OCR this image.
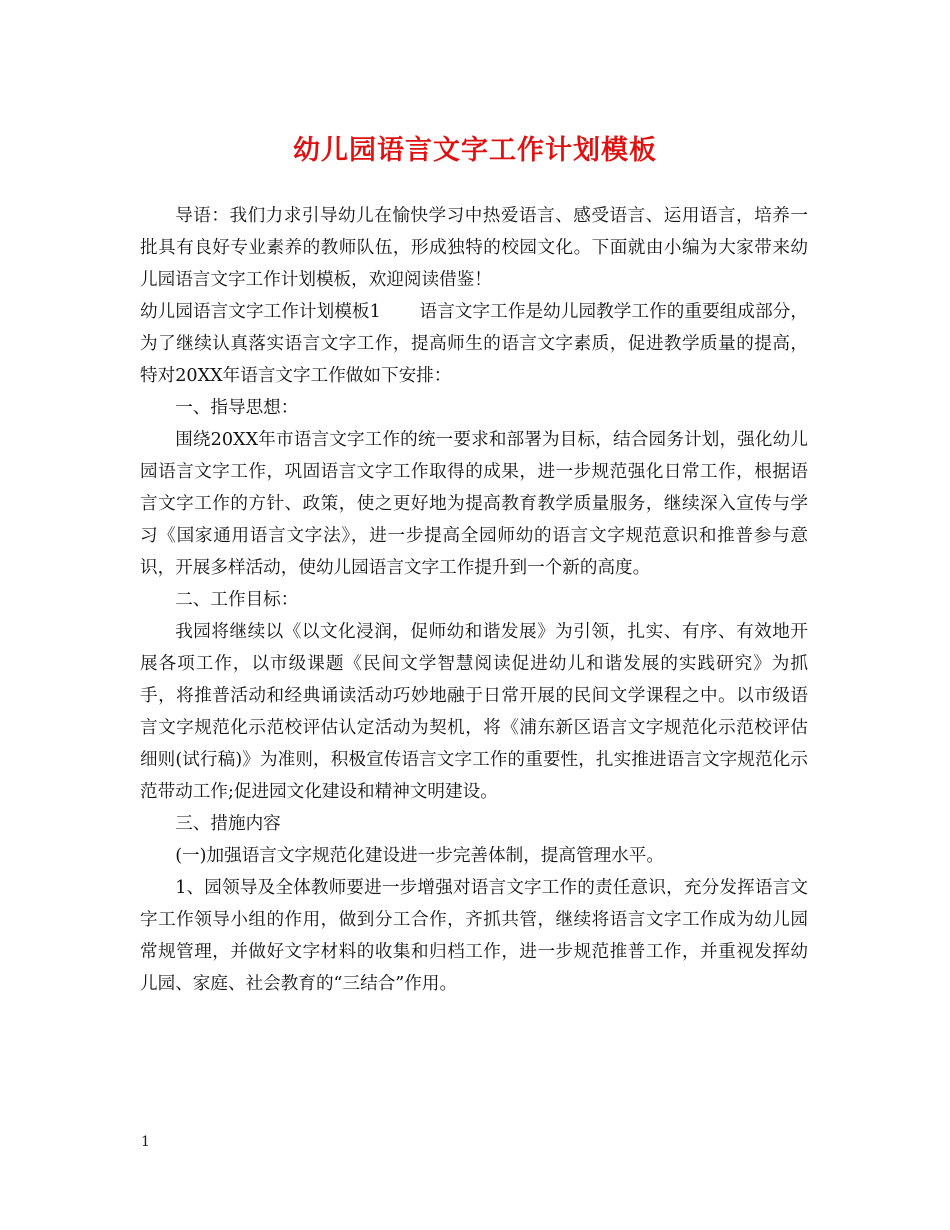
幼儿园语言文字工作计划模板

导语：我们力求引导幼儿在愉快学习中热爱语言、感受语言、运用语言，培养一批具有良好专业素养的教师队伍，形成独特的校园文化。下面就由小编为大家带来幼儿园语言文字工作计划模板，欢迎阅读借鉴！

幼儿园语言文字工作计划模板1 语言文字工作是幼儿园教学工作的重要组成部分，为了继续认真落实语言文字工作，提高师生的语言文字素质，促进教学质量的提高，特对20XX年语言文字工作做如下安排：

一、指导思想：

围绕20XX年市语言文字工作的统一要求和部署为目标，结合园务计划，强化幼儿园语言文字工作，巩固语言文字工作取得的成果，进一步规范强化日常工作，根据语言文字工作的方针、政策，使之更好地为提高教育教学质量服务，继续深入宣传与学习《国家通用语言文字法》，进一步提高全园师幼的语言文字规范意识和推普参与意识，开展多样活动，使幼儿园语言文字工作提升到一个新的高度。

二、工作目标：

我园将继续以《以文化浸润，促师幼和谐发展》为引领，扎实、有序、有效地开展各项工作，以市级课题《民间文学智慧阅读促进幼儿和谐发展的实践研究》为抓手，将推普活动和经典诵读活动巧妙地融于日常开展的民间文学课程之中。以市级语言文字规范化示范校评估认定活动为契机，将《浦东新区语言文字规范化示范校评估细则(试行稿)》为准则，积极宣传语言文字工作的重要性，扎实推进语言文字规范化示范带动工作;促进园文化建设和精神文明建设。

三、措施内容

(一)加强语言文字规范化建设进一步完善体制，提高管理水平。

1、园领导及全体教师要进一步增强对语言文字工作的责任意识，充分发挥语言文字工作领导小组的作用，做到分工合作，齐抓共管，继续将语言文字工作成为幼儿园常规管理，并做好文字材料的收集和归档工作，进一步规范推普工作，并重视发挥幼儿园、家庭、社会教育的“三结合”作用。

1
